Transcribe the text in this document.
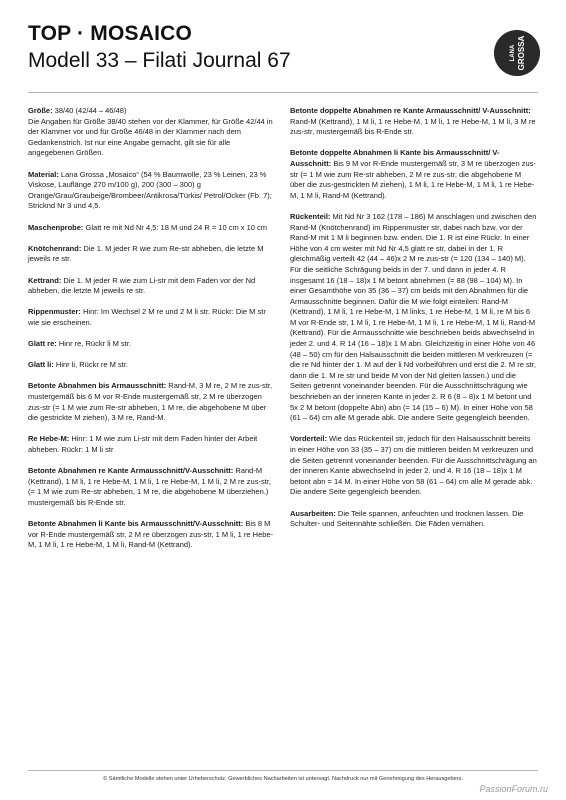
TOP · MOSAICO
Modell 33 – Filati Journal 67	LANA GROSSA

Größe: 38/40 (42/44 – 46/48)
Die Angaben für Größe 38/40 stehen vor der Klammer, für Größe 42/44 in der Klammer vor und für Größe 46/48 in der Klammer nach dem Gedankenstrich. Ist nur eine Angabe gemacht, gilt sie für alle angegebenen Größen.

Material: Lana Grossa „Mosaico“ (54 % Baumwolle, 23 % Leinen, 23 % Viskose, Lauflänge 270 m/100 g), 200 (300 – 300) g Orange/Grau/Graubeige/Brombeer/Antikrosa/Türkis/ Petrol/Ocker (Fb. 7); Stricknd Nr 3 und 4,5.

Maschenprobe: Glatt re mit Nd Nr 4,5: 18 M und 24 R = 10 cm x 10 cm

Knötchenrand: Die 1. M jeder R wie zum Re-str abheben, die letzte M jeweils re str.

Kettrand: Die 1. M jeder R wie zum Li-str mit dem Faden vor der Nd abheben, die letzte M jeweils re str.

Rippenmuster: Hinr: Im Wechsel 2 M re und 2 M li str. Rückr: Die M str wie sie erscheinen.

Glatt re: Hinr re, Rückr li M str.

Glatt li: Hinr li, Rückr re M str.

Betonte Abnahmen bis Armausschnitt: Rand-M, 3 M re, 2 M re zus-str, mustergemäß bis 6 M vor R-Ende mustergemäß str, 2 M re überzogen zus-str (= 1 M wie zum Re-str abheben, 1 M re, die abgehobene M über die gestrickte M ziehen), 3 M re, Rand-M.

Re Hebe-M: Hinr: 1 M wie zum Li-str mit dem Faden hinter der Arbeit abheben. Rückr: 1 M li str

Betonte Abnahmen re Kante Armausschnitt/V-Ausschnitt: Rand-M (Kettrand), 1 M li, 1 re Hebe-M, 1 M li, 1 re Hebe-M, 1 M li, 2 M re zus-str, (= 1 M wie zum Re-str abheben, 1 M re, die abgehobene M überziehen.) mustergemäß bis R-Ende str.

Betonte Abnahmen li Kante bis Armausschnitt/V-Ausschnitt: Bis 8 M vor R-Ende mustergemäß str, 2 M re überzogen zus-str, 1 M li, 1 re Hebe-M, 1 M li, 1 re Hebe-M, 1 M li, Rand-M (Kettrand).

Betonte doppelte Abnahmen re Kante Armausschnitt/ V-Ausschnitt: Rand-M (Kettrand), 1 M li, 1 re Hebe-M, 1 M li, 1 re Hebe-M, 1 M li, 3 M re zus-str, mustergemäß bis R-Ende str.

Betonte doppelte Abnahmen li Kante bis Armausschnitt/ V-Ausschnitt: Bis 9 M vor R-Ende mustergemäß str, 3 M re überzogen zus-str (= 1 M wie zum Re-str abheben, 2 M re zus-str, die abgehobene M über die zus-gestrickten M ziehen), 1 M li, 1 re Hebe-M, 1 M li, 1 re Hebe-M, 1 M li, Rand-M (Kettrand).

Rückenteil: Mit Nd Nr 3 162 (178 – 186) M anschlagen und zwischen den Rand-M (Knötchenrand) im Rippenmuster str, dabei nach bzw. vor der Rand-M mit 1 M li beginnen bzw. enden. Die 1. R ist eine Rückr. In einer Höhe von 4 cm weiter mit Nd Nr 4,5 glatt re str, dabei in der 1. R gleichmäßig verteilt 42 (44 – 46)x 2 M re zus-str (= 120 (134 – 140) M). Für die seitliche Schrägung beids in der 7. und dann in jeder 4. R insgesamt 16 (18 – 18)x 1 M betont abnehmen (= 88 (98 – 104) M). In einer Gesamthöhe von 35 (36 – 37) cm beids mit den Abnahmen für die Armausschnitte beginnen. Dafür die M wie folgt einteilen: Rand-M (Kettrand), 1 M li, 1 re Hebe-M, 1 M links, 1 re Hebe-M, 1 M li, re M bis 6 M vor R-Ende str, 1 M li, 1 re Hebe-M, 1 M li, 1 re Hebe-M, 1 M li, Rand-M (Kettrand). Für die Armausschnitte wie beschrieben beids abwechselnd in jeder 2. und 4. R 14 (16 – 18)x 1 M abn. Gleichzeitig in einer Höhe von 46 (48 – 50) cm für den Halsausschnitt die beiden mittleren M verkreuzen (= die re Nd hinter der 1. M auf der li Nd vorbeiführen und erst die 2. M re str, dann die 1. M re str und beide M von der Nd gleiten lassen.) und die Seiten getrennt voneinander beenden. Für die Ausschnittschrägung wie beschrieben an der inneren Kante in jeder 2. R 6 (8 – 8)x 1 M betont und 5x 2 M betont (doppelte Abn) abn (= 14 (15 – 6) M). In einer Höhe von 58 (61 – 64) cm alle M gerade abk. Die andere Seite gegengleich beenden.

Vorderteil: Wie das Rückenteil str, jedoch für den Halsausschnitt bereits in einer Höhe von 33 (35 – 37) cm die mittleren beiden M verkreuzen und die Seiten getrennt voneinander beenden. Für die Ausschnittschrägung an der inneren Kante abwechselnd in jeder 2. und 4. R 16 (18 – 18)x 1 M betont abn = 14 M. In einer Höhe von 58 (61 – 64) cm alle M gerade abk. Die andere Seite gegengleich beenden.

Ausarbeiten: Die Teile spannen, anfeuchten und trocknen lassen. Die Schulter- und Seitennähte schließen. Die Fäden vernähen.

© Sämtliche Modelle stehen unter Urheberschutz. Gewerbliches Nacharbeiten ist untersagt. Nachdruck nur mit Genehmigung des Herausgebers.
PassionForum.ru
